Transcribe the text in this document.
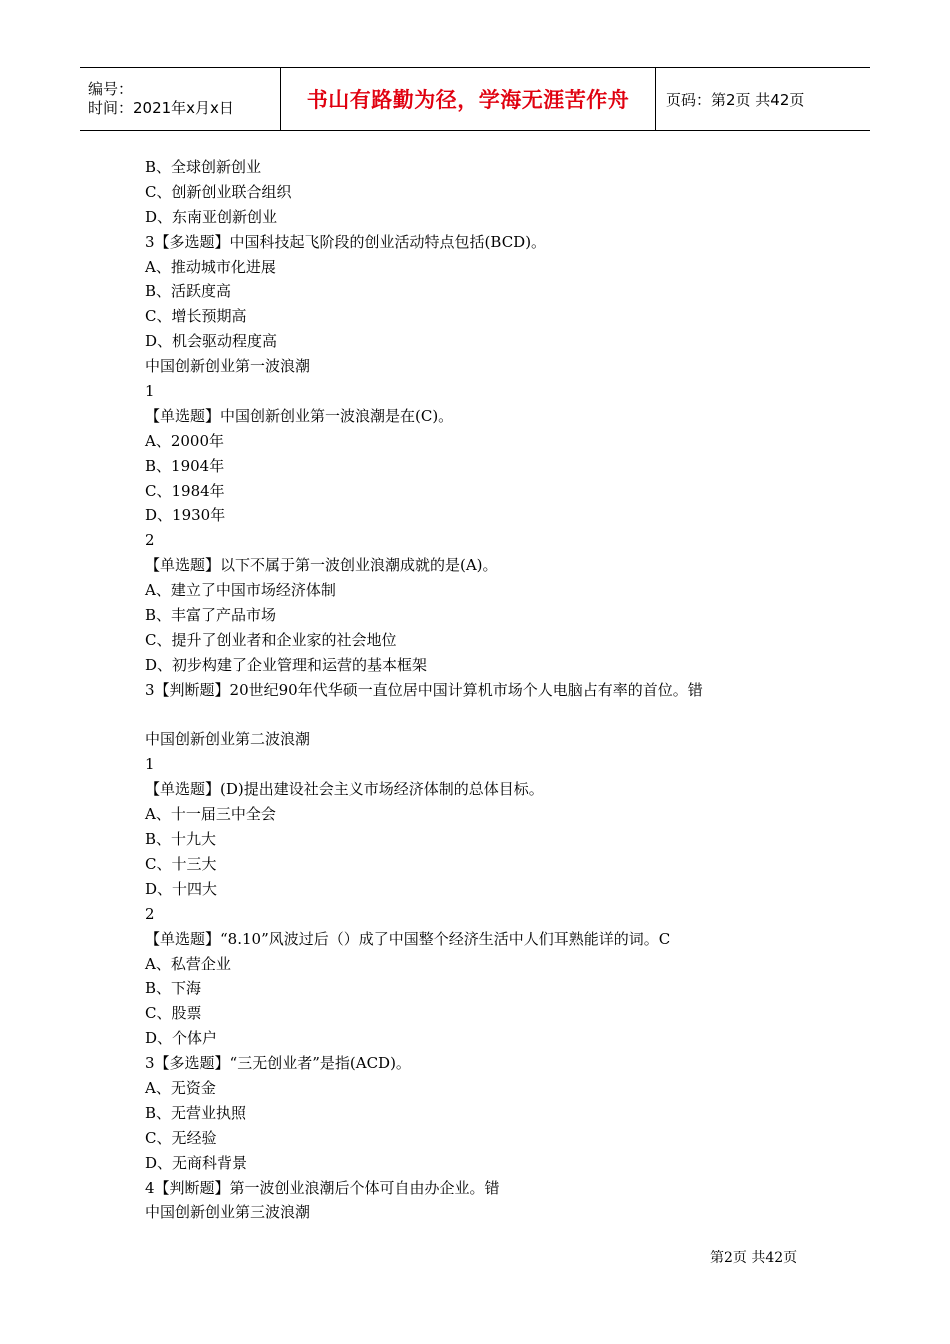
编号：
时间：2021年x月x日	书山有路勤为径，学海无涯苦作舟 页码：第2页 共42页
B、全球创新创业
C、创新创业联合组织
D、东南亚创新创业
3【多选题】中国科技起飞阶段的创业活动特点包括(BCD)。
A、推动城市化进展
B、活跃度高
C、增长预期高
D、机会驱动程度高
中国创新创业第一波浪潮
1
【单选题】中国创新创业第一波浪潮是在(C)。
A、2000年
B、1904年
C、1984年
D、1930年
2
【单选题】以下不属于第一波创业浪潮成就的是(A)。
A、建立了中国市场经济体制
B、丰富了产品市场
C、提升了创业者和企业家的社会地位
D、初步构建了企业管理和运营的基本框架
3【判断题】20世纪90年代华硕一直位居中国计算机市场个人电脑占有率的首位。错
中国创新创业第二波浪潮
1
【单选题】(D)提出建设社会主义市场经济体制的总体目标。
A、十一届三中全会
B、十九大
C、十三大
D、十四大
2
【单选题】“8.10”风波过后（）成了中国整个经济生活中人们耳熟能详的词。C
A、私营企业
B、下海
C、股票
D、个体户
3【多选题】“三无创业者”是指(ACD)。
A、无资金
B、无营业执照
C、无经验
D、无商科背景
4【判断题】第一波创业浪潮后个体可自由办企业。错
中国创新创业第三波浪潮
第2页 共42页
